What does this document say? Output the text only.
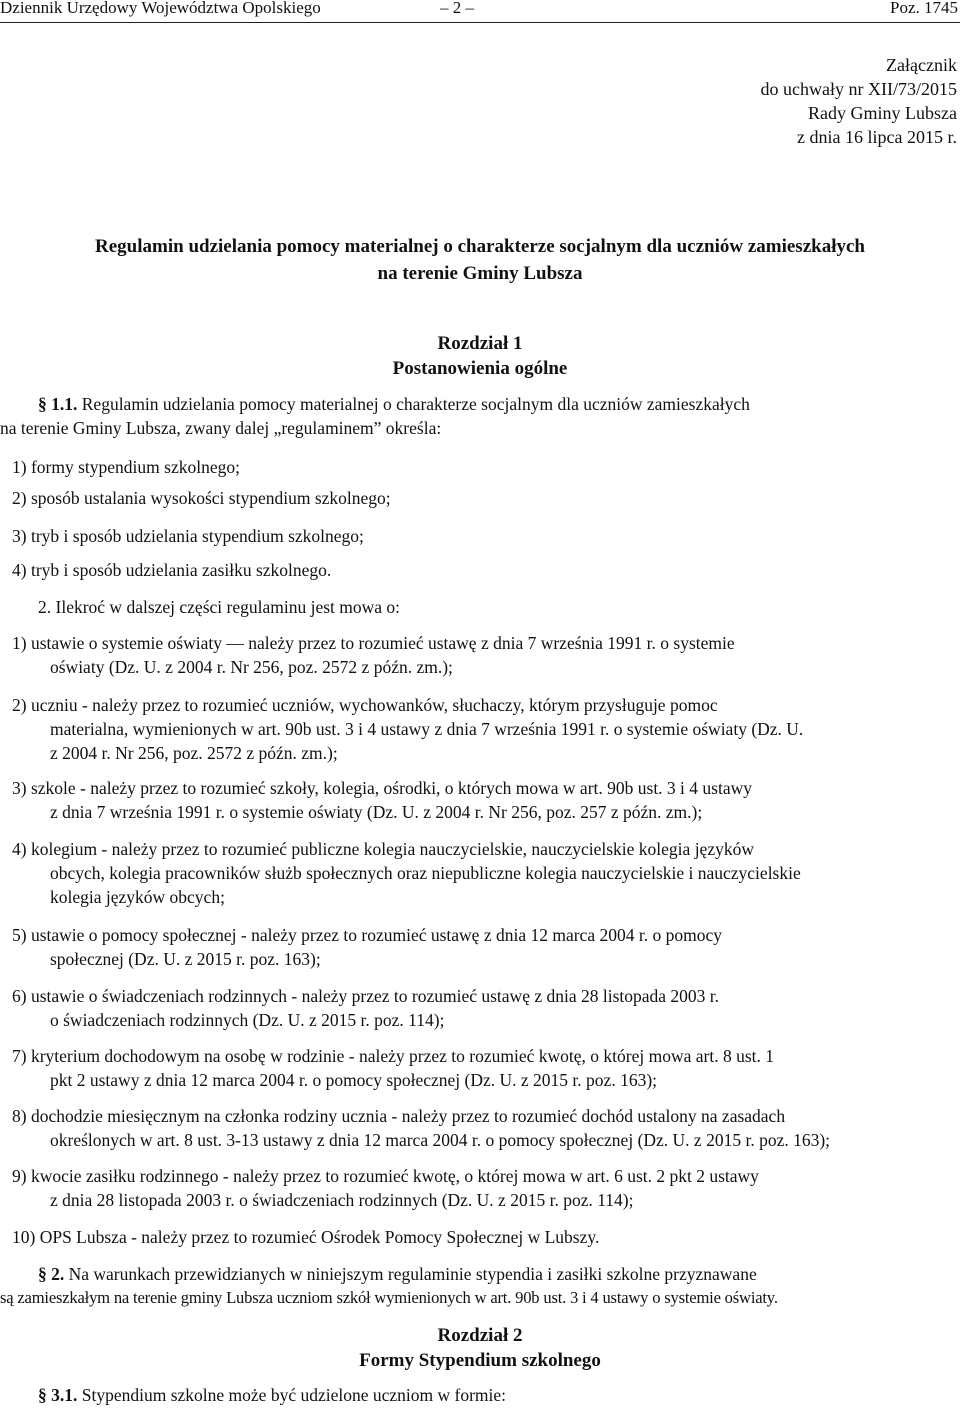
Dziennik Urzędowy Województwa Opolskiego	– 2 –	Poz. 1745
Załącznik
do uchwały nr XII/73/2015
Rady Gminy Lubsza
z dnia 16 lipca 2015 r.
Regulamin udzielania pomocy materialnej o charakterze socjalnym dla uczniów zamieszkałych
na terenie Gminy Lubsza
Rozdział 1
Postanowienia ogólne
§ 1.1. Regulamin udzielania pomocy materialnej o charakterze socjalnym dla uczniów zamieszkałych
na terenie Gminy Lubsza, zwany dalej „regulaminem” określa:
1) formy stypendium szkolnego;
2) sposób ustalania wysokości stypendium szkolnego;
3) tryb i sposób udzielania stypendium szkolnego;
4) tryb i sposób udzielania zasiłku szkolnego.
2. Ilekroć w dalszej części regulaminu jest mowa o:
1) ustawie o systemie oświaty — należy przez to rozumieć ustawę z dnia 7 września 1991 r. o systemie
oświaty (Dz. U. z 2004 r. Nr 256, poz. 2572 z późn. zm.);
2) uczniu - należy przez to rozumieć uczniów, wychowanków, słuchaczy, którym przysługuje pomoc
materialna, wymienionych w art. 90b ust. 3 i 4 ustawy z dnia 7 września 1991 r. o systemie oświaty (Dz. U.
z 2004 r. Nr 256, poz. 2572 z późn. zm.);
3) szkole - należy przez to rozumieć szkoły, kolegia, ośrodki, o których mowa w art. 90b ust. 3 i 4 ustawy
z dnia 7 września 1991 r. o systemie oświaty (Dz. U. z 2004 r. Nr 256, poz. 257 z późn. zm.);
4) kolegium - należy przez to rozumieć publiczne kolegia nauczycielskie, nauczycielskie kolegia języków
obcych, kolegia pracowników służb społecznych oraz niepubliczne kolegia nauczycielskie i nauczycielskie
kolegia języków obcych;
5) ustawie o pomocy społecznej - należy przez to rozumieć ustawę z dnia 12 marca 2004 r. o pomocy
społecznej (Dz. U. z 2015 r. poz. 163);
6) ustawie o świadczeniach rodzinnych - należy przez to rozumieć ustawę z dnia 28 listopada 2003 r.
o świadczeniach rodzinnych (Dz. U. z 2015 r. poz. 114);
7) kryterium dochodowym na osobę w rodzinie - należy przez to rozumieć kwotę, o której mowa art. 8 ust. 1
pkt 2 ustawy z dnia 12 marca 2004 r. o pomocy społecznej (Dz. U. z 2015 r. poz. 163);
8) dochodzie miesięcznym na członka rodziny ucznia - należy przez to rozumieć dochód ustalony na zasadach
określonych w art. 8 ust. 3-13 ustawy z dnia 12 marca 2004 r. o pomocy społecznej (Dz. U. z 2015 r. poz. 163);
9) kwocie zasiłku rodzinnego - należy przez to rozumieć kwotę, o której mowa w art. 6 ust. 2 pkt 2 ustawy
z dnia 28 listopada 2003 r. o świadczeniach rodzinnych (Dz. U. z 2015 r. poz. 114);
10) OPS Lubsza - należy przez to rozumieć Ośrodek Pomocy Społecznej w Lubszy.
§ 2. Na warunkach przewidzianych w niniejszym regulaminie stypendia i zasiłki szkolne przyznawane
są zamieszkałym na terenie gminy Lubsza uczniom szkół wymienionych w art. 90b ust. 3 i 4 ustawy o systemie oświaty.
Rozdział 2
Formy Stypendium szkolnego
§ 3.1. Stypendium szkolne może być udzielone uczniom w formie:
